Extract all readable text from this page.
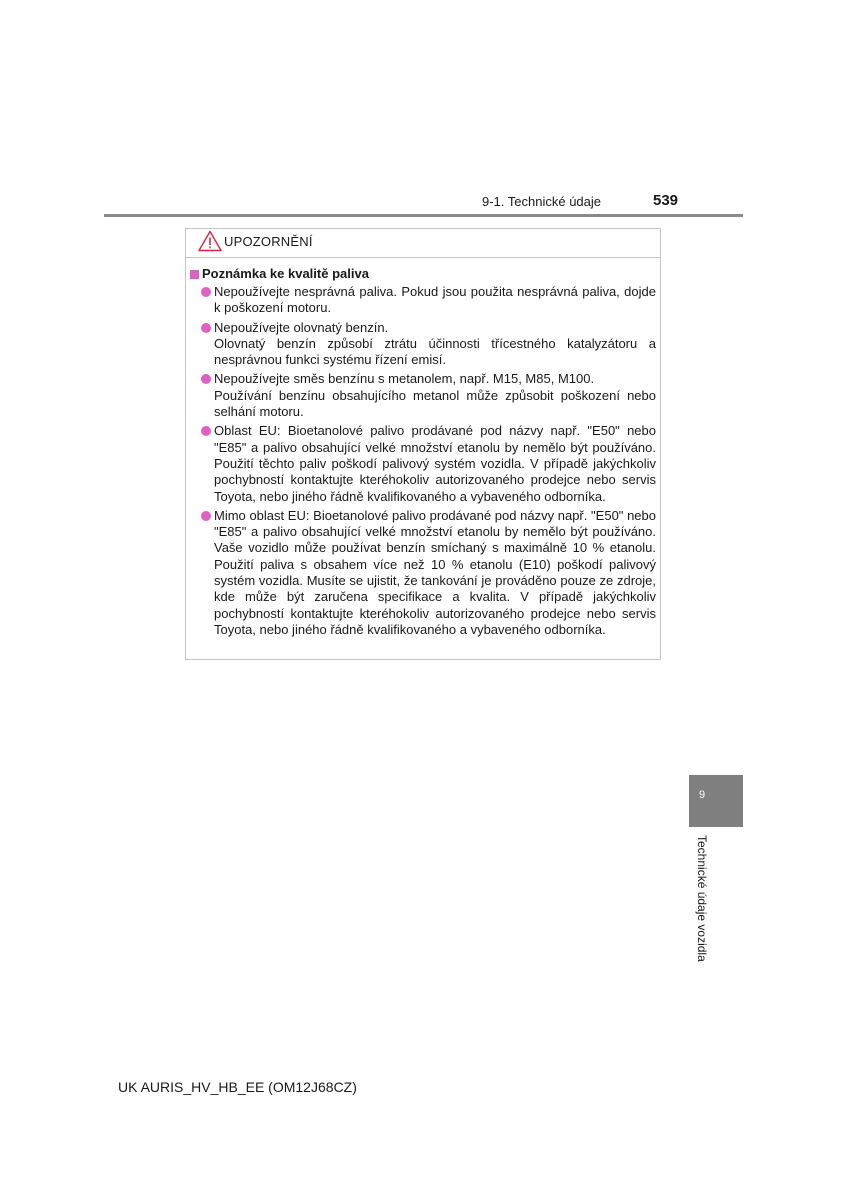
9-1. Technické údaje	539
UPOZORNĚNÍ
Poznámka ke kvalitě paliva
Nepoužívejte nesprávná paliva. Pokud jsou použita nesprávná paliva, dojde k poškození motoru.
Nepoužívejte olovnatý benzín.
Olovnatý benzín způsobí ztrátu účinnosti třícestného katalyzátoru a nesprávnou funkci systému řízení emisí.
Nepoužívejte směs benzínu s metanolem, např. M15, M85, M100.
Používání benzínu obsahujícího metanol může způsobit poškození nebo selhání motoru.
Oblast EU: Bioetanolové palivo prodávané pod názvy např. "E50" nebo "E85" a palivo obsahující velké množství etanolu by nemělo být používáno. Použití těchto paliv poškodí palivový systém vozidla. V případě jakýchkoliv pochybností kontaktujte kteréhokoliv autorizovaného prodejce nebo servis Toyota, nebo jiného řádně kvalifikovaného a vybaveného odborníka.
Mimo oblast EU: Bioetanolové palivo prodávané pod názvy např. "E50" nebo "E85" a palivo obsahující velké množství etanolu by nemělo být používáno. Vaše vozidlo může používat benzín smíchaný s maximálně 10 % etanolu. Použití paliva s obsahem více než 10 % etanolu (E10) poškodí palivový systém vozidla. Musíte se ujistit, že tankování je prováděno pouze ze zdroje, kde může být zaručena specifikace a kvalita. V případě jakýchkoliv pochybností kontaktujte kteréhokoliv autorizovaného prodejce nebo servis Toyota, nebo jiného řádně kvalifikovaného a vybaveného odborníka.
9
Technické údaje vozidla
UK AURIS_HV_HB_EE (OM12J68CZ)
